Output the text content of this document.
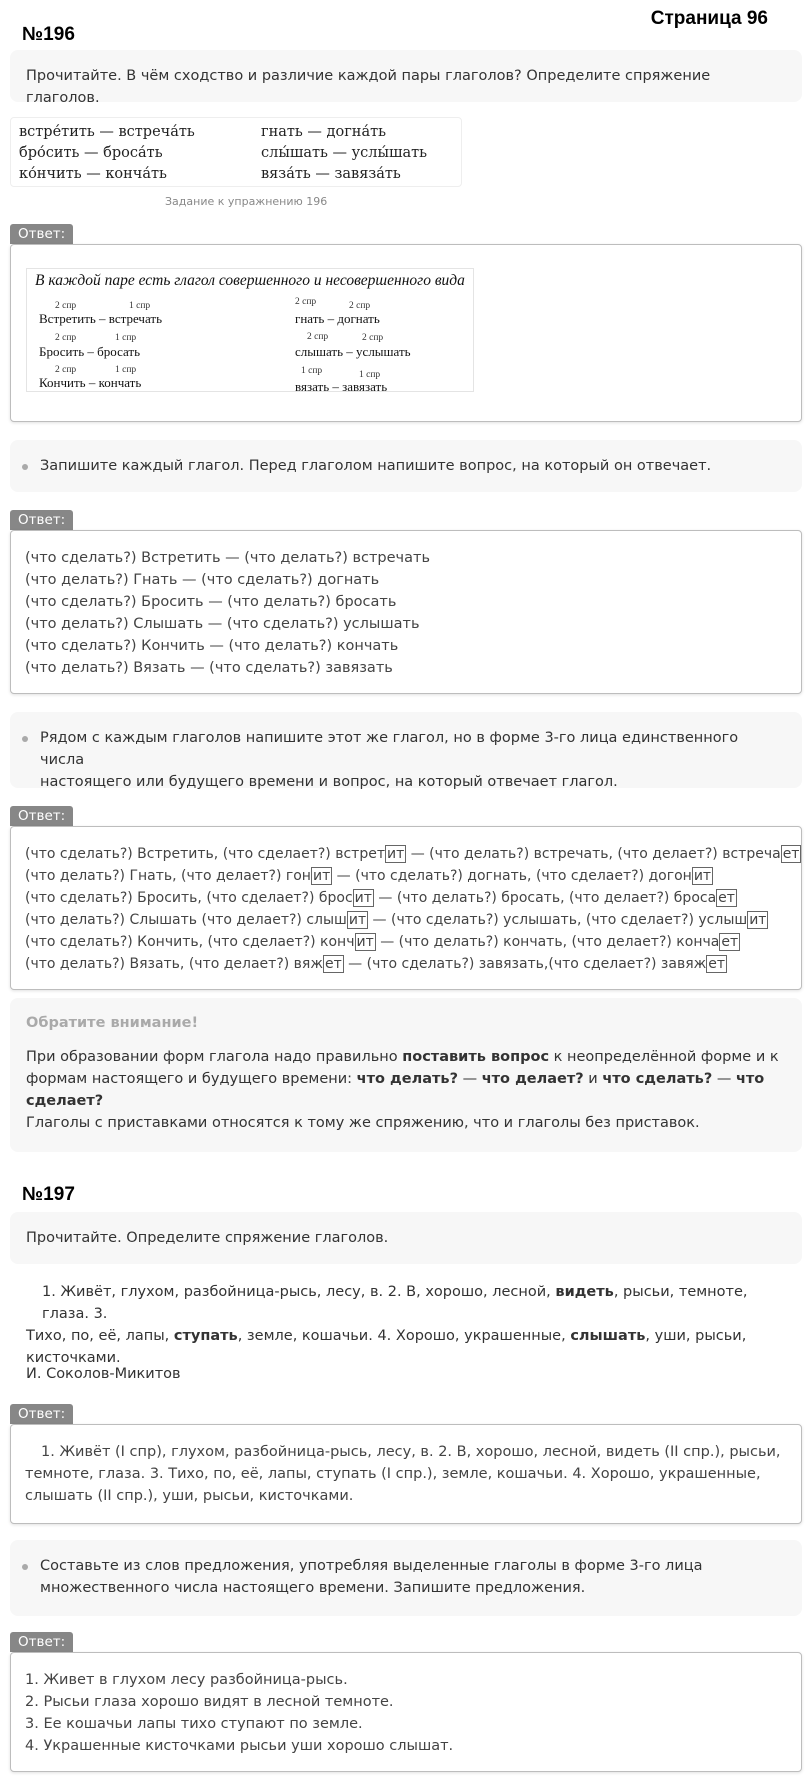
Страница 96
№196
Прочитайте. В чём сходство и различие каждой пары глаголов? Определите спряжение глаголов.
встре́тить — встреча́ть
бро́сить — броса́ть
ко́нчить — конча́ть
гнать — догна́ть
слы́шать — услы́шать
вяза́ть — завяза́ть
Задание к упражнению 196
Ответ:
В каждой паре есть глагол совершенного и несовершенного вида
2 спр	1 спр
Встретить – встречать
2 спр	1 спр
Бросить – бросать
2 спр	1 спр
Кончить – кончать
2 спр	2 спр
гнать – догнать
2 спр	2 спр
слышать – услышать
1 спр	1 спр
вязать – завязать
Запишите каждый глагол. Перед глаголом напишите вопрос, на который он отвечает.
Ответ:
(что сделать?) Встретить — (что делать?) встречать
(что делать?) Гнать — (что сделать?) догнать
(что сделать?) Бросить — (что делать?) бросать
(что делать?) Слышать — (что сделать?) услышать
(что сделать?) Кончить — (что делать?) кончать
(что делать?) Вязать — (что сделать?) завязать
Рядом с каждым глаголов напишите этот же глагол, но в форме 3-го лица единственного числа
настоящего или будущего времени и вопрос, на который отвечает глагол.
Ответ:
(что сделать?) Встретить, (что сделает?) встрет ит — (что делать?) встречать, (что делает?) встреча ет
(что делать?) Гнать, (что делает?) гон ит — (что сделать?) догнать, (что сделает?) догон ит
(что сделать?) Бросить, (что сделает?) брос ит — (что делать?) бросать, (что делает?) броса ет
(что делать?) Слышать (что делает?) слыш ит — (что сделать?) услышать, (что сделает?) услыш ит
(что сделать?) Кончить, (что сделает?) конч ит — (что делать?) кончать, (что делает?) конча ет
(что делать?) Вязать, (что делает?) вяж ет — (что сделать?) завязать,(что сделает?) завяж ет
Обратите внимание!
При образовании форм глагола надо правильно поставить вопрос к неопределённой форме и к
формам настоящего и будущего времени: что делать? — что делает? и что сделать? — что
сделает?
Глаголы с приставками относятся к тому же спряжению, что и глаголы без приставок.
№197
Прочитайте. Определите спряжение глаголов.
1. Живёт, глухом, разбойница-рысь, лесу, в. 2. В, хорошо, лесной, видеть, рысьи, темноте, глаза. 3.
Тихо, по, её, лапы, ступать, земле, кошачьи. 4. Хорошо, украшенные, слышать, уши, рысьи,
кисточками.
И. Соколов-Микитов
Ответ:
1. Живёт (I спр), глухом, разбойница-рысь, лесу, в. 2. В, хорошо, лесной, видеть (II спр.), рысьи,
темноте, глаза. 3. Тихо, по, её, лапы, ступать (I спр.), земле, кошачьи. 4. Хорошо, украшенные,
слышать (II спр.), уши, рысьи, кисточками.
Составьте из слов предложения, употребляя выделенные глаголы в форме 3-го лица
множественного числа настоящего времени. Запишите предложения.
Ответ:
1. Живет в глухом лесу разбойница-рысь.
2. Рысьи глаза хорошо видят в лесной темноте.
3. Ее кошачьи лапы тихо ступают по земле.
4. Украшенные кисточками рысьи уши хорошо слышат.
